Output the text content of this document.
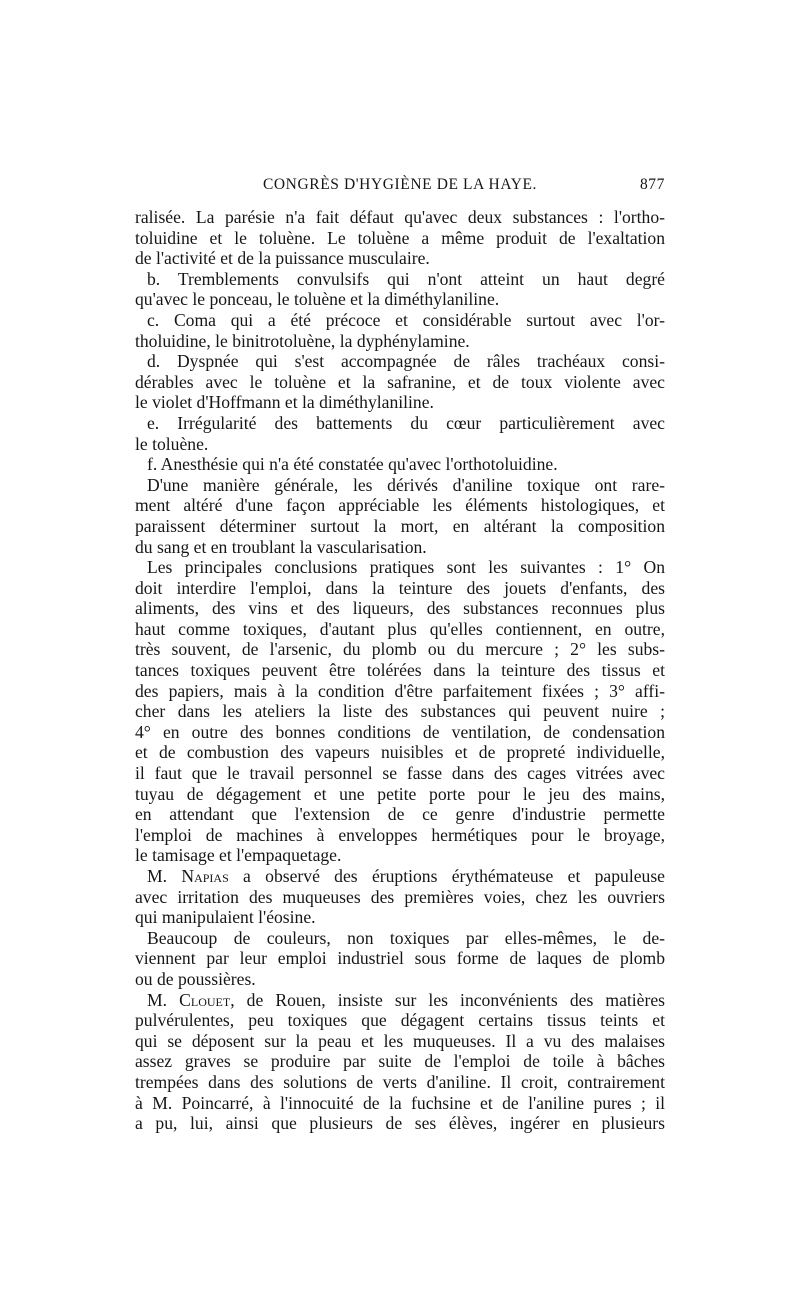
CONGRÈS D'HYGIÈNE DE LA HAYE.	877
ralisée. La parésie n'a fait défaut qu'avec deux substances : l'ortho-
toluidine et le toluène. Le toluène a même produit de l'exaltation
de l'activité et de la puissance musculaire.
b. Tremblements convulsifs qui n'ont atteint un haut degré
qu'avec le ponceau, le toluène et la diméthylaniline.
c. Coma qui a été précoce et considérable surtout avec l'or-
tholuidine, le binitrotoluène, la dyphénylamine.
d. Dyspnée qui s'est accompagnée de râles trachéaux consi-
dérables avec le toluène et la safranine, et de toux violente avec
le violet d'Hoffmann et la diméthylaniline.
e. Irrégularité des battements du cœur particulièrement avec
le toluène.
f. Anesthésie qui n'a été constatée qu'avec l'orthotoluidine.
D'une manière générale, les dérivés d'aniline toxique ont rare-
ment altéré d'une façon appréciable les éléments histologiques, et
paraissent déterminer surtout la mort, en altérant la composition
du sang et en troublant la vascularisation.
Les principales conclusions pratiques sont les suivantes : 1° On
doit interdire l'emploi, dans la teinture des jouets d'enfants, des
aliments, des vins et des liqueurs, des substances reconnues plus
haut comme toxiques, d'autant plus qu'elles contiennent, en outre,
très souvent, de l'arsenic, du plomb ou du mercure ; 2° les subs-
tances toxiques peuvent être tolérées dans la teinture des tissus et
des papiers, mais à la condition d'être parfaitement fixées ; 3° affi-
cher dans les ateliers la liste des substances qui peuvent nuire ;
4° en outre des bonnes conditions de ventilation, de condensation
et de combustion des vapeurs nuisibles et de propreté individuelle,
il faut que le travail personnel se fasse dans des cages vitrées avec
tuyau de dégagement et une petite porte pour le jeu des mains,
en attendant que l'extension de ce genre d'industrie permette
l'emploi de machines à enveloppes hermétiques pour le broyage,
le tamisage et l'empaquetage.
M. Napias a observé des éruptions érythémateuse et papuleuse
avec irritation des muqueuses des premières voies, chez les ouvriers
qui manipulaient l'éosine.
Beaucoup de couleurs, non toxiques par elles-mêmes, le de-
viennent par leur emploi industriel sous forme de laques de plomb
ou de poussières.
M. Clouet, de Rouen, insiste sur les inconvénients des matières
pulvérulentes, peu toxiques que dégagent certains tissus teints et
qui se déposent sur la peau et les muqueuses. Il a vu des malaises
assez graves se produire par suite de l'emploi de toile à bâches
trempées dans des solutions de verts d'aniline. Il croit, contrairement
à M. Poincarré, à l'innocuité de la fuchsine et de l'aniline pures ; il
a pu, lui, ainsi que plusieurs de ses élèves, ingérer en plusieurs
